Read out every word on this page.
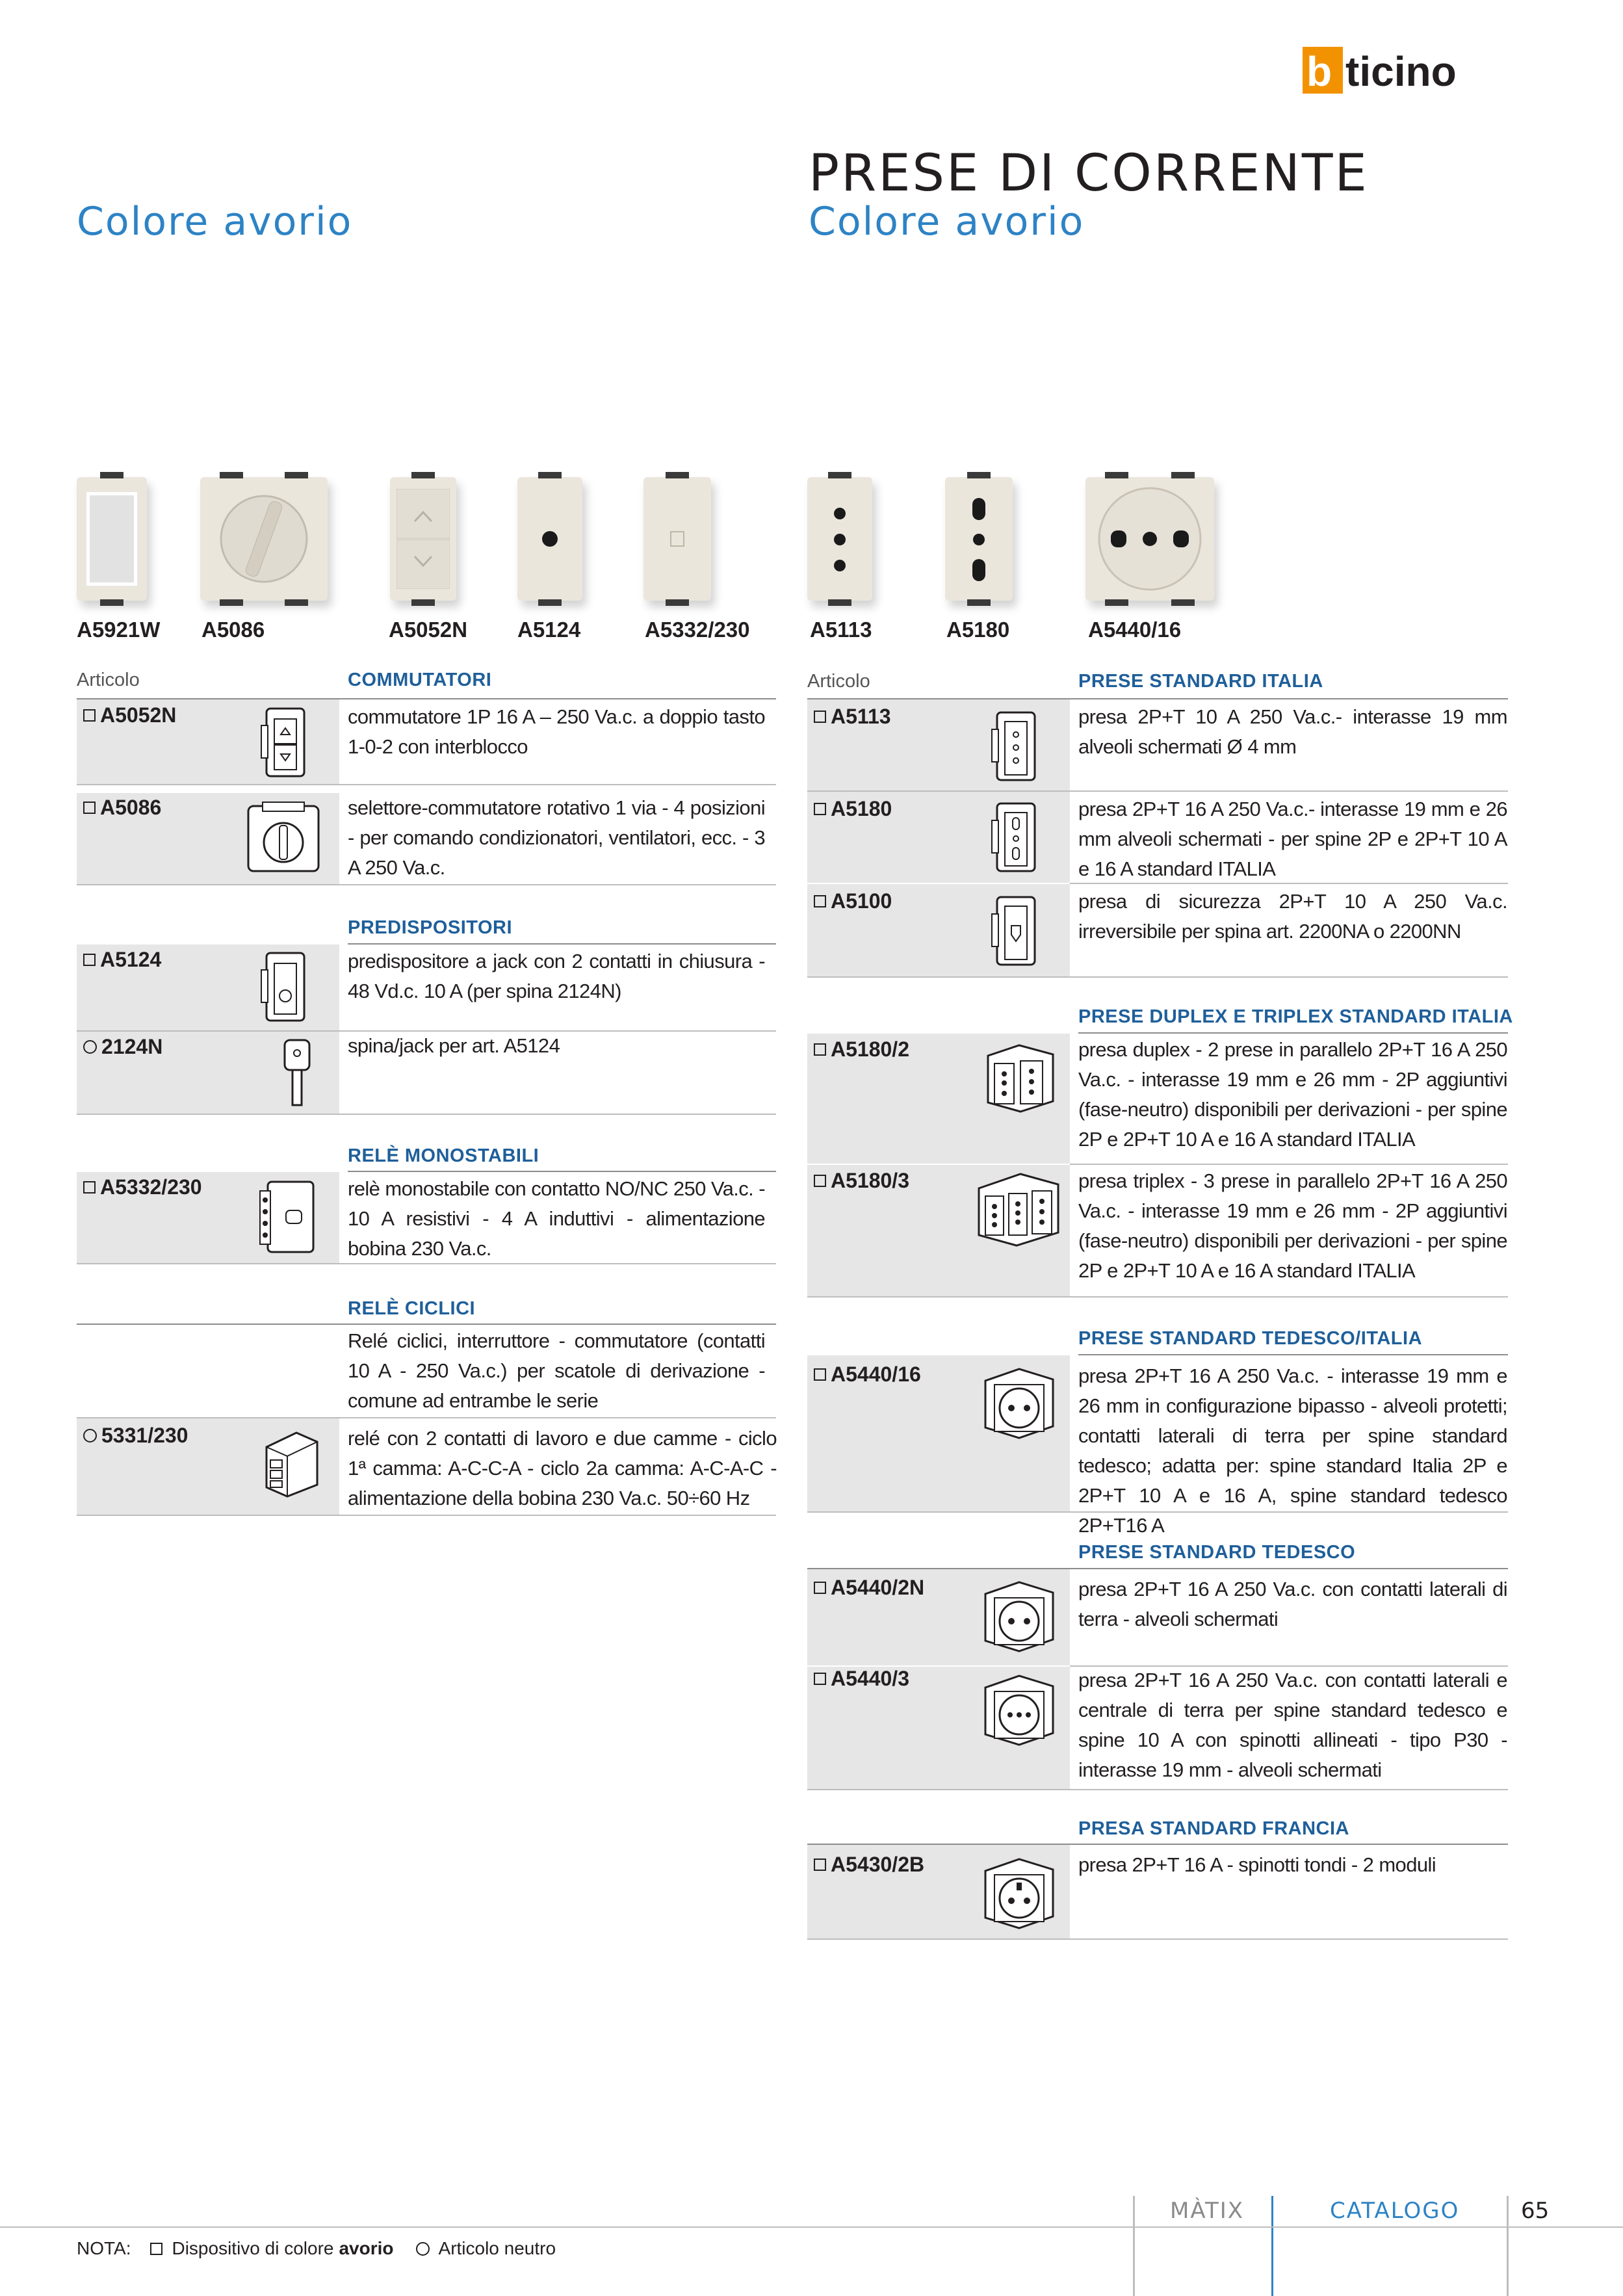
b ticino
PRESE DI CORRENTE
Colore avorio	Colore avorio
A5921W A5086	A5052N A5124	A5332/230	A5113	A5180	A5440/16
Articolo	COMMUTATORI
A5052N	commutatore 1P 16 A – 250 Va.c. a doppio tasto 1-0-2 con interblocco
A5086	selettore-commutatore rotativo 1 via - 4 posizioni - per comando condizionatori, ventilatori, ecc. - 3 A 250 Va.c.
PREDISPOSITORI
A5124	predispositore a jack con 2 contatti in chiusura - 48 Vd.c. 10 A (per spina 2124N)
2124N	spina/jack per art. A5124
RELÈ MONOSTABILI
A5332/230	relè monostabile con contatto NO/NC 250 Va.c. - 10 A resistivi - 4 A induttivi - alimentazione bobina 230 Va.c.
RELÈ CICLICI
Relé ciclici, interruttore - commutatore (contatti 10 A - 250 Va.c.) per scatole di derivazione - comune ad entrambe le serie
5331/230	relé con 2 contatti di lavoro e due camme - ciclo 1ª camma: A-C-C-A - ciclo 2a camma: A-C-A-C - alimentazione della bobina 230 Va.c. 50÷60 Hz
Articolo	PRESE STANDARD ITALIA
A5113	presa 2P+T 10 A 250 Va.c.- interasse 19 mm alveoli schermati Ø 4 mm
A5180	presa 2P+T 16 A 250 Va.c.- interasse 19 mm e 26 mm alveoli schermati - per spine 2P e 2P+T 10 A e 16 A standard ITALIA
A5100	presa di sicurezza 2P+T 10 A 250 Va.c. irreversibile per spina art. 2200NA o 2200NN
PRESE DUPLEX E TRIPLEX STANDARD ITALIA
A5180/2	presa duplex - 2 prese in parallelo 2P+T 16 A 250 Va.c. - interasse 19 mm e 26 mm - 2P aggiuntivi (fase-neutro) disponibili per derivazioni - per spine 2P e 2P+T 10 A e 16 A standard ITALIA
A5180/3	presa triplex - 3 prese in parallelo 2P+T 16 A 250 Va.c. - interasse 19 mm e 26 mm - 2P aggiuntivi (fase-neutro) disponibili per derivazioni - per spine 2P e 2P+T 10 A e 16 A standard ITALIA
PRESE STANDARD TEDESCO/ITALIA
A5440/16	presa 2P+T 16 A 250 Va.c. - interasse 19 mm e 26 mm in configurazione bipasso - alveoli protetti; contatti laterali di terra per spine standard tedesco; adatta per: spine standard Italia 2P e 2P+T 10 A e 16 A, spine standard tedesco 2P+T16 A
PRESE STANDARD TEDESCO
A5440/2N	presa 2P+T 16 A 250 Va.c. con contatti laterali di terra - alveoli schermati
A5440/3	presa 2P+T 16 A 250 Va.c. con contatti laterali e centrale di terra per spine standard tedesco e spine 10 A con spinotti allineati - tipo P30 - interasse 19 mm - alveoli schermati
PRESA STANDARD FRANCIA
A5430/2B	presa 2P+T 16 A - spinotti tondi - 2 moduli
MÀTIX	CATALOGO	65
NOTA: Dispositivo di colore avorio Articolo neutro
